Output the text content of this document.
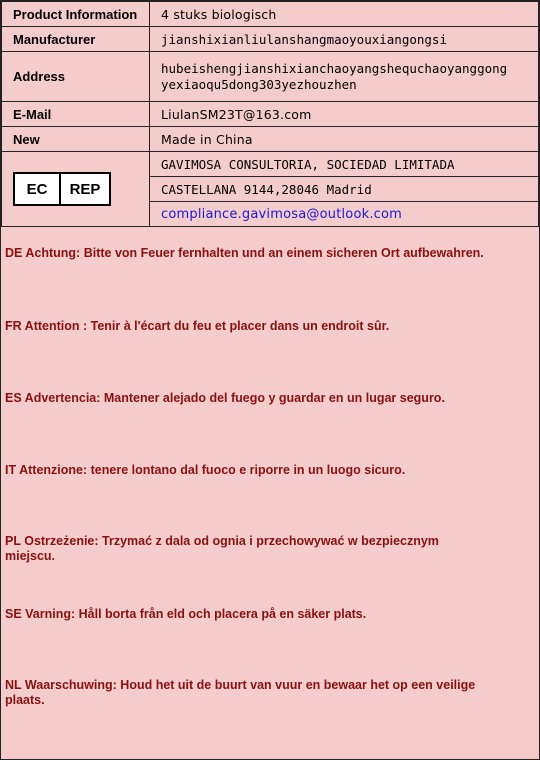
Product Information	4 stuks biologisch
Manufacturer	jianshixianliulanshangmaoyouxiangongsi
Address	hubeishengjianshixianchaoyangshequchaoyanggong
yexiaoqu5dong303yezhouzhen
E-Mail	LiulanSM23T@163.com
New	Made in China

EC REP	GAVIMOSA CONSULTORIA, SOCIEDAD LIMITADA
	CASTELLANA 9144,28046 Madrid
	compliance.gavimosa@outlook.com
DE Achtung: Bitte von Feuer fernhalten und an einem sicheren Ort aufbewahren.
FR Attention : Tenir à l'écart du feu et placer dans un endroit sûr.
ES Advertencia: Mantener alejado del fuego y guardar en un lugar seguro.
IT Attenzione: tenere lontano dal fuoco e riporre in un luogo sicuro.
PL Ostrzeżenie: Trzymać z dala od ognia i przechowywać w bezpiecznym miejscu.
SE Varning: Håll borta från eld och placera på en säker plats.
NL Waarschuwing: Houd het uit de buurt van vuur en bewaar het op een veilige plaats.
